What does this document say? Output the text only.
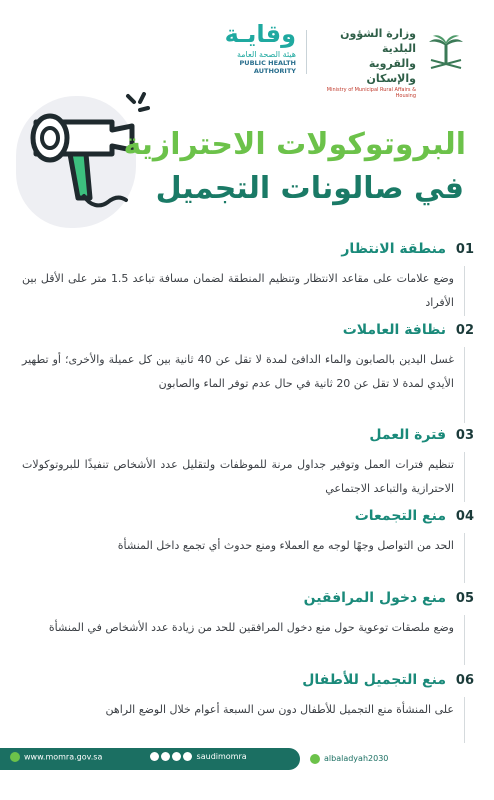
وقايـة
هيئة الصحة العامة
PUBLIC HEALTH AUTHORITY
وزارة الشؤون البلدية
والقروية والإسكان
Ministry of Municipal Rural Affairs & Housing
البروتوكولات الاحترازية
في صالونات التجميل
01
منطقة الانتظار
وضع علامات على مقاعد الانتظار وتنظيم المنطقة لضمان مسافة تباعد 1.5 متر على الأقل بين الأفراد
02
نظافة العاملات
غسل اليدين بالصابون والماء الدافئ لمدة لا تقل عن 40 ثانية بين كل عميلة والأخرى؛ أو تطهير الأيدي لمدة لا تقل عن 20 ثانية في حال عدم توفر الماء والصابون
03
فترة العمل
تنظيم فترات العمل وتوفير جداول مرنة للموظفات ولتقليل عدد الأشخاص تنفيذًا للبروتوكولات الاحترازية والتباعد الاجتماعي
04
منع التجمعات
الحد من التواصل وجهًا لوجه مع العملاء ومنع حدوث أي تجمع داخل المنشأة
05
منع دخول المرافقين
وضع ملصقات توعوية حول منع دخول المرافقين للحد من زيادة عدد الأشخاص في المنشأة
06
منع التجميل للأطفال
على المنشأة منع التجميل للأطفال دون سن السبعة أعوام خلال الوضع الراهن
www.momra.gov.sa	saudimomra	albaladyah2030
